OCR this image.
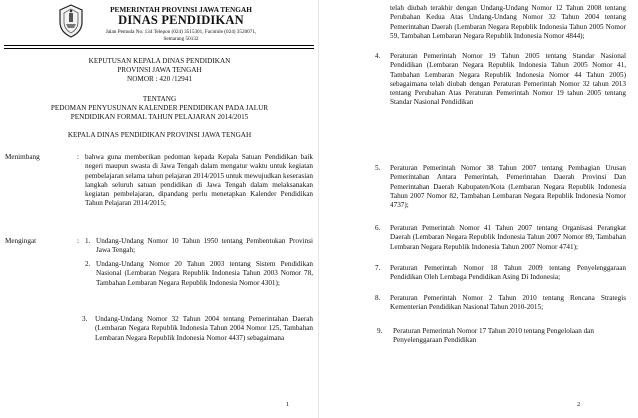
PEMERINTAH PROVINSI JAWA TENGAH
DINAS PENDIDIKAN
Jalan Pemuda No. 134 Telepon (024) 3515301, Facimile (024) 3520071,
Semarang 50132
KEPUTUSAN KEPALA DINAS PENDIDIKAN
PROVINSI JAWA TENGAH
NOMOR : 420 /12941
TENTANG
PEDOMAN PENYUSUNAN KALENDER PENDIDIKAN PADA JALUR
PENDIDIKAN FORMAL TAHUN PELAJARAN 2014/2015
KEPALA DINAS PENDIDIKAN PROVINSI JAWA TENGAH
Menimbang	: bahwa guna memberikan pedoman kepada Kepala Satuan Pendidikan baik negeri maupun swasta di Jawa Tengah dalam mengatur waktu untuk kegiatan pembelajaran selama tahun pelajaran 2014/2015 untuk mewujudkan keserasian langkah seluruh satuan pendidikan di Jawa Tengah dalam melaksanakan kegiatan pembelajaran, dipandang perlu menetapkan Kalender Pendidikan Tahun Pelajaran 2014/2015;
Mengingat	: 1. Undang-Undang Nomor 10 Tahun 1950 tentang Pembentukan Provinsi Jawa Tengah;
2. Undang-Undang Nomor 20 Tahun 2003 tentang Sistem Pendidikan Nasional (Lembaran Negara Republik Indonesia Tahun 2003 Nomor 78, Tambahan Lembaran Negara Republik Indonesia Nomor 4301);
3. Undang-Undang Nomor 32 Tahun 2004 tentang Pemerintahan Daerah (Lembaran Negara Republik Indonesia Tahun 2004 Nomor 125, Tambahan Lembaran Negara Republik Indonesia Nomor 4437) sebagaimana
1
telah diubah terakhir dengan Undang-Undang Nomor 12 Tahun 2008 tentang Perubahan Kedua Atas Undang-Undang Nomor 32 Tahun 2004 tentang Pemerintahan Daerah (Lembaran Negara Republik Indonesia Tahun 2005 Nomor 59, Tambahan Lembaran Negara Republik Indonesia Nomor 4844);
4. Peraturan Pemerintah Nomor 19 Tahun 2005 tentang Standar Nasional Pendidikan (Lembaran Negara Republik Indonesia Tahun 2005 Nomor 41, Tambahan Lembaran Negara Republik Indonesia Nomor 44 Tahun 2005) sebagaimana telah diubah dengan Peraturan Pemerintah Nomor 32 tahun 2013 tentang Perubahan Atas Peraturan Pemerintah Nomor 19 tahun 2005 tentang Standar Nasional Pendidikan
5. Peraturan Pemerintah Nomor 38 Tahun 2007 tentang Pembagian Urusan Pemerintahan Antara Pemerintah, Pemerintahan Daerah Provinsi Dan Pemerintahan Daerah Kabupaten/Kota (Lembaran Negara Republik Indonesia Tahun 2007 Nomor 82, Tambahan Lembaran Negara Republik Indonesia Nomor 4737);
6. Peraturan Pemerintah Nomor 41 Tahun 2007 tentang Organisasi Perangkat Daerah (Lembaran Negara Republik Indonesia Tahun 2007 Nomor 89, Tambahan Lembaran Negara Republik Indonesia Tahun 2007 Nomor 4741);
7. Peraturan Pemerintah Nomor 18 Tahun 2009 tentang Penyelenggaraan Pendidikan Oleh Lembaga Pendidikan Asing Di Indonesia;
8. Peraturan Pemerintah Nomor 2 Tahun 2010 tentang Rencana Strategis Kementerian Pendidikan Nasional Tahun 2010-2015;
9. Peraturan Pemerintah Nomor 17 Tahun 2010 tentang Pengelolaan dan Penyelenggaraan Pendidikan
2
